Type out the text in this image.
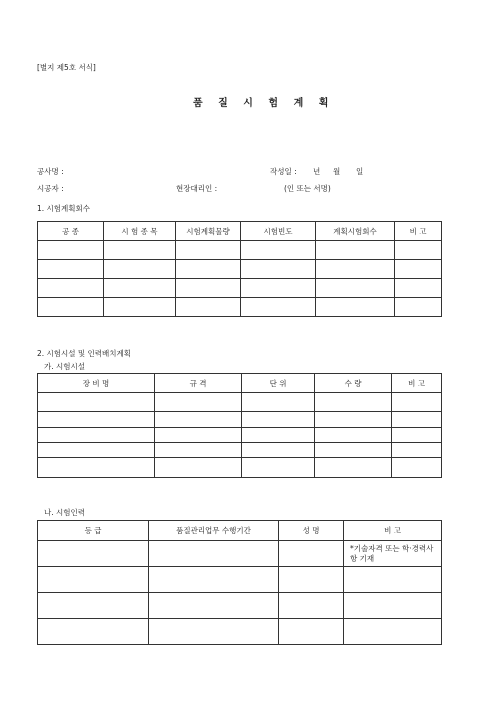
[별지 제5호 서식]
품 질 시 험 계 획
공사명 :	작성일 : 년 월 일
시공자 :	현장대리인 :	(인 또는 서명)
1. 시험계획회수
공 종	시 험 종 목	시험계획물량	시험빈도	계획시험회수	비 고

2. 시험시설 및 인력배치계획
가. 시험시설
장 비 명	규 격	단 위	수 량	비 고

나. 시험인력
등 급	품질관리업무 수행기간	성 명	비 고
			*기술자격 또는 학·경력사항 기재
